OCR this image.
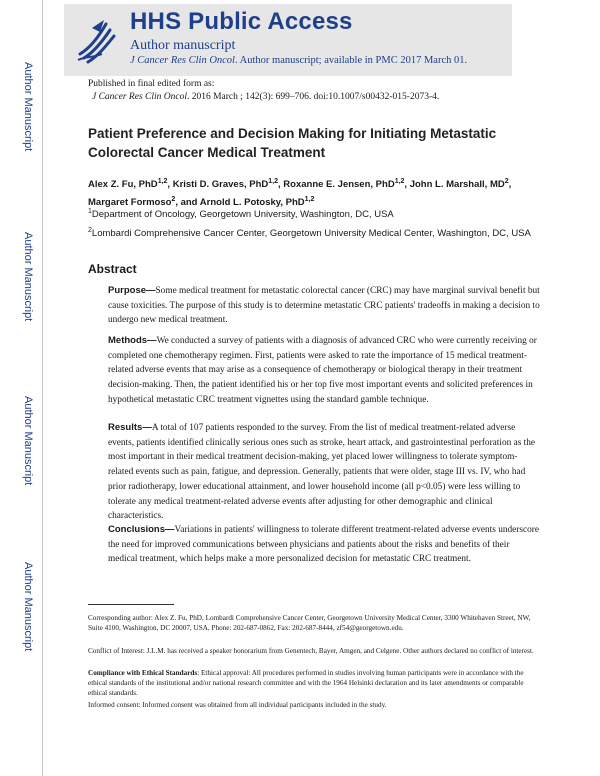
Author Manuscript
Author Manuscript
Author Manuscript
Author Manuscript
HHS Public Access
Author manuscript
J Cancer Res Clin Oncol. Author manuscript; available in PMC 2017 March 01.
Published in final edited form as:
J Cancer Res Clin Oncol. 2016 March ; 142(3): 699–706. doi:10.1007/s00432-015-2073-4.
Patient Preference and Decision Making for Initiating Metastatic Colorectal Cancer Medical Treatment
Alex Z. Fu, PhD$^{1,2}$, Kristi D. Graves, PhD$^{1,2}$, Roxanne E. Jensen, PhD$^{1,2}$, John L. Marshall, $MD^2$, Margaret Formoso$^2$, and Arnold L. Potosky, PhD$^{1,2}$
$^1$Department of Oncology, Georgetown University, Washington, DC, USA
$^2$Lombardi Comprehensive Cancer Center, Georgetown University Medical Center, Washington, DC, USA
Abstract
Purpose—Some medical treatment for metastatic colorectal cancer (CRC) may have marginal survival benefit but cause toxicities. The purpose of this study is to determine metastatic CRC patients' tradeoffs in making a decision to undergo new medical treatment.
Methods—We conducted a survey of patients with a diagnosis of advanced CRC who were currently receiving or completed one chemotherapy regimen. First, patients were asked to rate the importance of 15 medical treatment-related adverse events that may arise as a consequence of chemotherapy or biological therapy in their treatment decision-making. Then, the patient identified his or her top five most important events and solicited preferences in hypothetical metastatic CRC treatment vignettes using the standard gamble technique.
Results—A total of 107 patients responded to the survey. From the list of medical treatment-related adverse events, patients identified clinically serious ones such as stroke, heart attack, and gastrointestinal perforation as the most important in their medical treatment decision-making, yet placed lower willingness to tolerate symptom-related events such as pain, fatigue, and depression. Generally, patients that were older, stage III vs. IV, who had prior radiotherapy, lower educational attainment, and lower household income (all p<0.05) were less willing to tolerate any medical treatment-related adverse events after adjusting for other demographic and clinical characteristics.
Conclusions—Variations in patients' willingness to tolerate different treatment-related adverse events underscore the need for improved communications between physicians and patients about the risks and benefits of their medical treatment, which helps make a more personalized decision for metastatic CRC treatment.
Corresponding author: Alex Z. Fu, PhD, Lombardi Comprehensive Cancer Center, Georgetown University Medical Center, 3300 Whitehaven Street, NW, Suite 4100, Washington, DC 20007, USA, Phone: 202-687-0862, Fax: 202-687-8444, zf54@georgetown.edu.
Conflict of Interest: J.L.M. has received a speaker honorarium from Genentech, Bayer, Amgen, and Celgene. Other authors declared no conflict of interest.
Compliance with Ethical Standards: Ethical approval: All procedures performed in studies involving human participants were in accordance with the ethical standards of the institutional and/or national research committee and with the 1964 Helsinki declaration and its later amendments or comparable ethical standards.
Informed consent: Informed consent was obtained from all individual participants included in the study.
